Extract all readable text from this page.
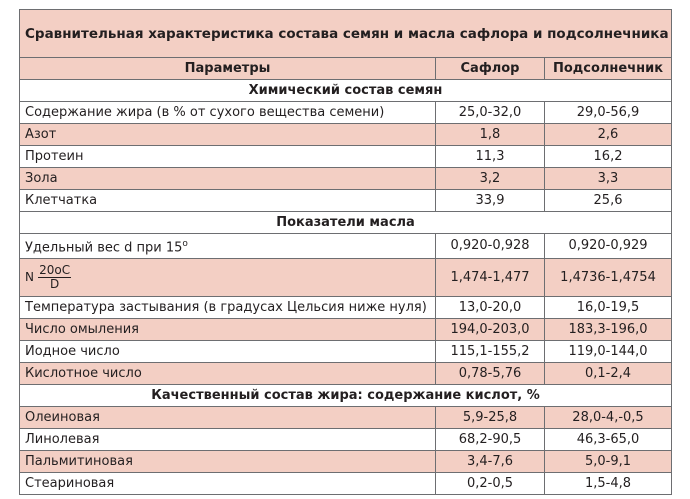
Сравнительная характеристика состава семян и масла сафлора и подсолнечника		
Параметры	Сафлор	Подсолнечник
Химический состав семян		
Содержание жира (в % от сухого вещества семени)	25,0-32,0	29,0-56,9
Азот	1,8	2,6
Протеин	11,3	16,2
Зола	3,2	3,3
Клетчатка	33,9	25,6
Показатели масла		
Удельный вес d при $15^о$	0,920-0,928	0,920-0,929
N $\frac{20оС}{D}$	1,474-1,477	1,4736-1,4754
Температура застывания (в градусах Цельсия ниже нуля)	13,0-20,0	16,0-19,5
Число омыления	194,0-203,0	183,3-196,0
Иодное число	115,1-155,2	119,0-144,0
Кислотное число	0,78-5,76	0,1-2,4
Качественный состав жира: содержание кислот, %		
Олеиновая	5,9-25,8	28,0-4,-0,5
Линолевая	68,2-90,5	46,3-65,0
Пальмитиновая	3,4-7,6	5,0-9,1
Стеариновая	0,2-0,5	1,5-4,8
